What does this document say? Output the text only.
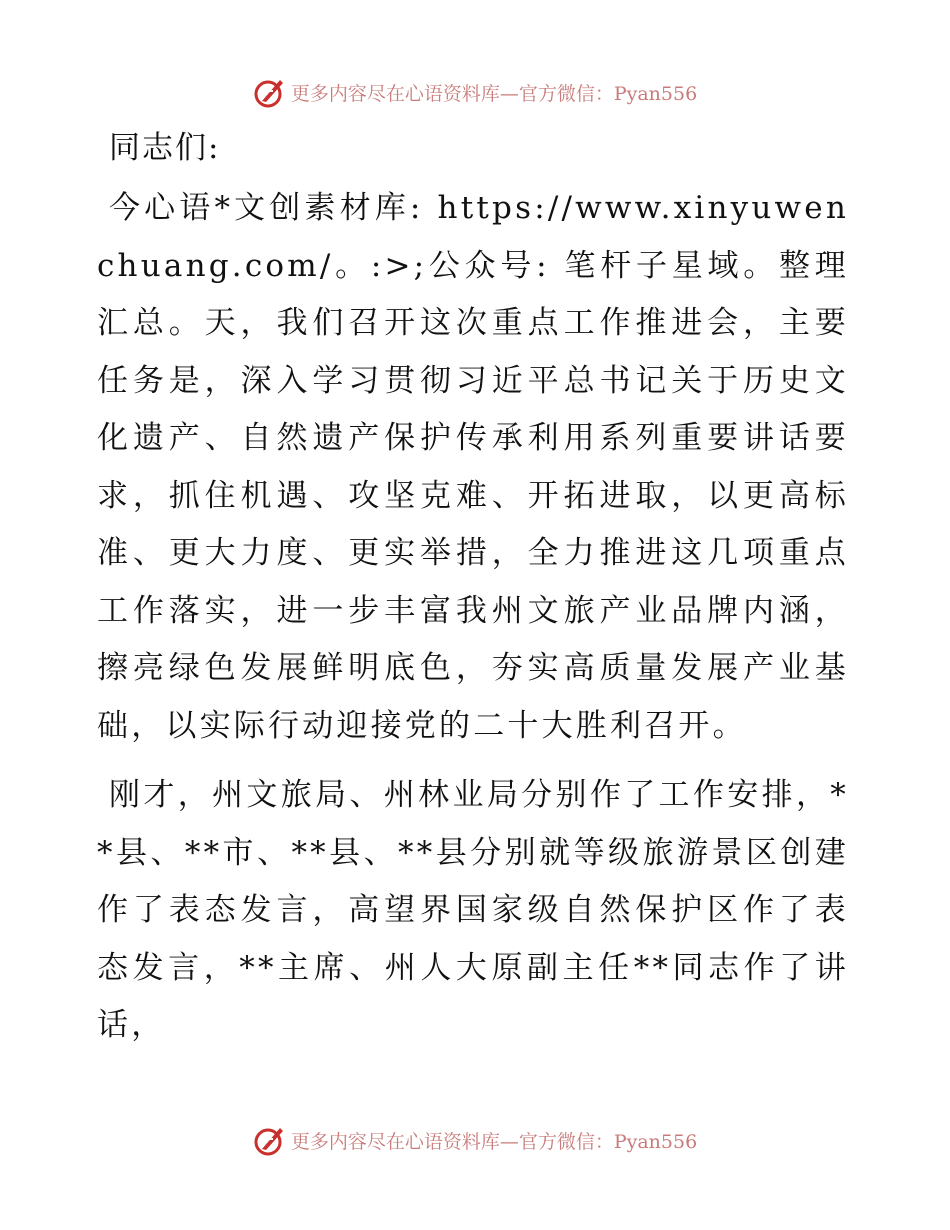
更多内容尽在心语资料库—官方微信：Pyan556

同志们:

今心语*文创素材库: https://www.xinyuwenchuang.com/。:>;公众号: 笔杆子星域。整理汇总。天，我们召开这次重点工作推进会，主要任务是，深入学习贯彻习近平总书记关于历史文化遗产、自然遗产保护传承利用系列重要讲话要求，抓住机遇、攻坚克难、开拓进取，以更高标准、更大力度、更实举措，全力推进这几项重点工作落实，进一步丰富我州文旅产业品牌内涵，擦亮绿色发展鲜明底色，夯实高质量发展产业基础，以实际行动迎接党的二十大胜利召开。

刚才，州文旅局、州林业局分别作了工作安排，**县、**市、**县、**县分别就等级旅游景区创建作了表态发言，高望界国家级自然保护区作了表态发言，**主席、州人大原副主任**同志作了讲话，

更多内容尽在心语资料库—官方微信：Pyan556
